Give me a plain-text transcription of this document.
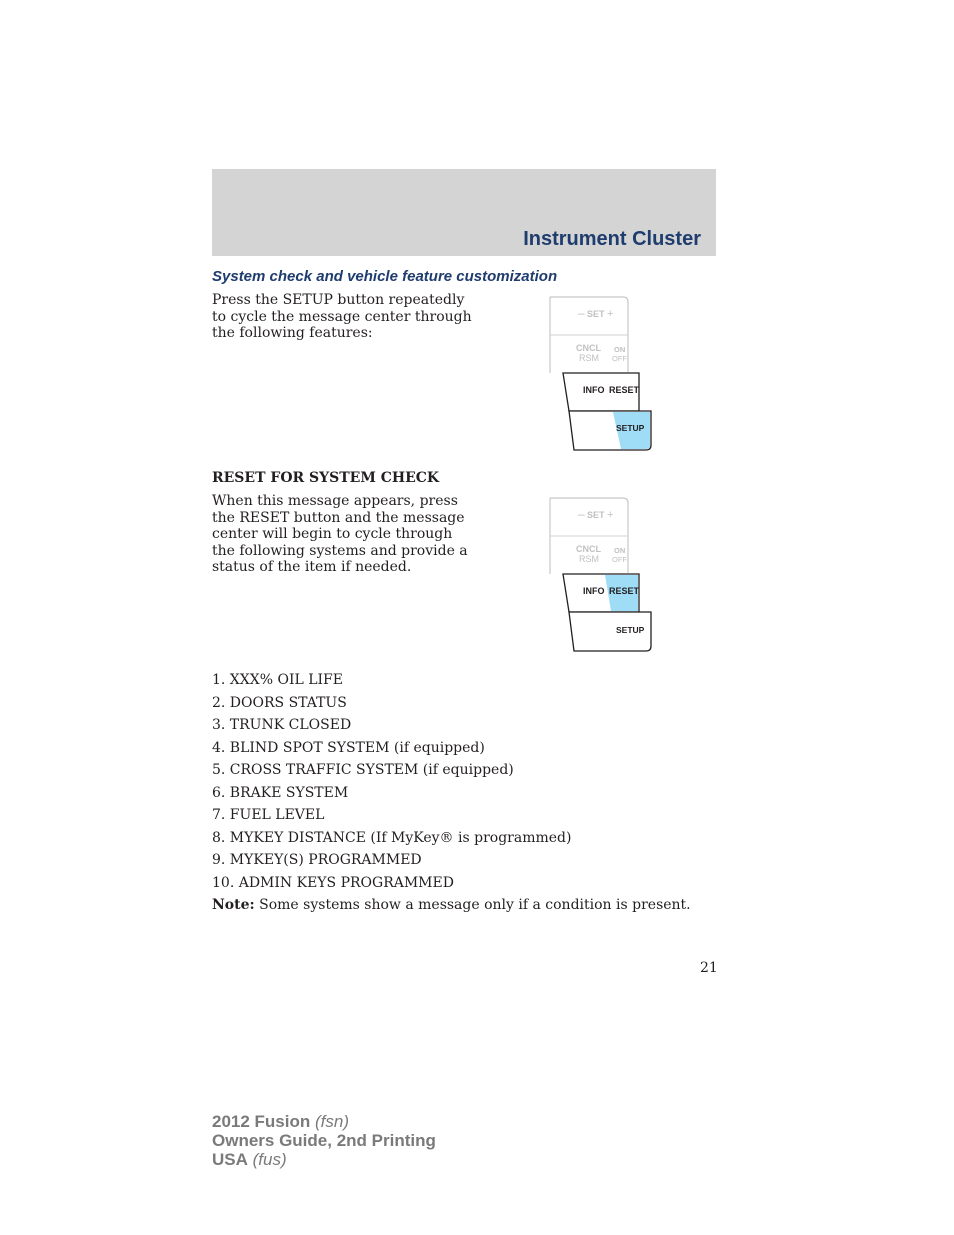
Instrument Cluster
System check and vehicle feature customization
Press the SETUP button repeatedly
to cycle the message center through
the following features:
– SET +
CNCL
RSM
ON
OFF
INFO RESET
SETUP
RESET FOR SYSTEM CHECK
When this message appears, press
the RESET button and the message
center will begin to cycle through
the following systems and provide a
status of the item if needed.
– SET +
CNCL
RSM
ON
OFF
INFO RESET
SETUP
1. XXX% OIL LIFE
2. DOORS STATUS
3. TRUNK CLOSED
4. BLIND SPOT SYSTEM (if equipped)
5. CROSS TRAFFIC SYSTEM (if equipped)
6. BRAKE SYSTEM
7. FUEL LEVEL
8. MYKEY DISTANCE (If MyKey® is programmed)
9. MYKEY(S) PROGRAMMED
10. ADMIN KEYS PROGRAMMED
Note: Some systems show a message only if a condition is present.
21
2012 Fusion (fsn)
Owners Guide, 2nd Printing
USA (fus)
